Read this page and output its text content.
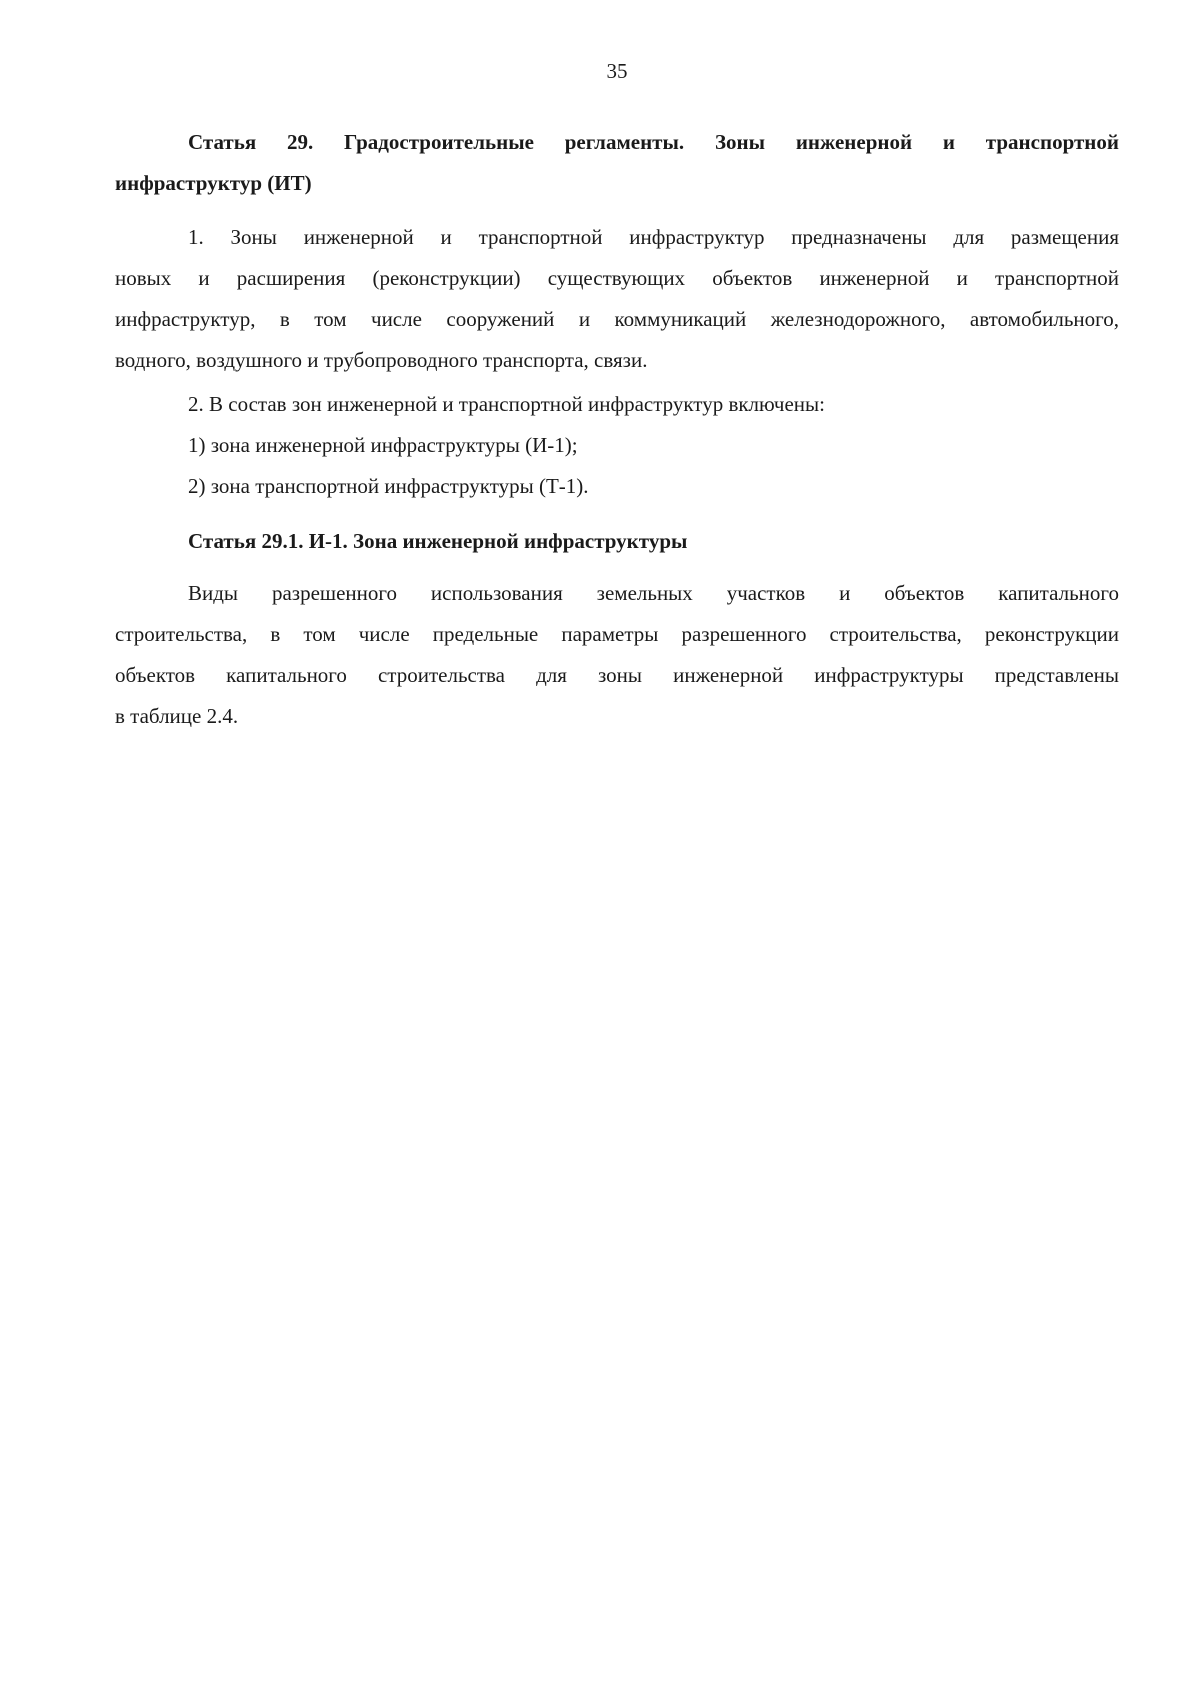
35
Статья 29. Градостроительные регламенты. Зоны инженерной и транспортной
инфраструктур (ИТ)
1. Зоны инженерной и транспортной инфраструктур предназначены для размещения
новых и расширения (реконструкции) существующих объектов инженерной и транспортной
инфраструктур, в том числе сооружений и коммуникаций железнодорожного, автомобильного,
водного, воздушного и трубопроводного транспорта, связи.
2. В состав зон инженерной и транспортной инфраструктур включены:
1) зона инженерной инфраструктуры (И-1);
2) зона транспортной инфраструктуры (Т-1).
Статья 29.1. И-1. Зона инженерной инфраструктуры
Виды разрешенного использования земельных участков и объектов капитального
строительства, в том числе предельные параметры разрешенного строительства, реконструкции
объектов капитального строительства для зоны инженерной инфраструктуры представлены
в таблице 2.4.
